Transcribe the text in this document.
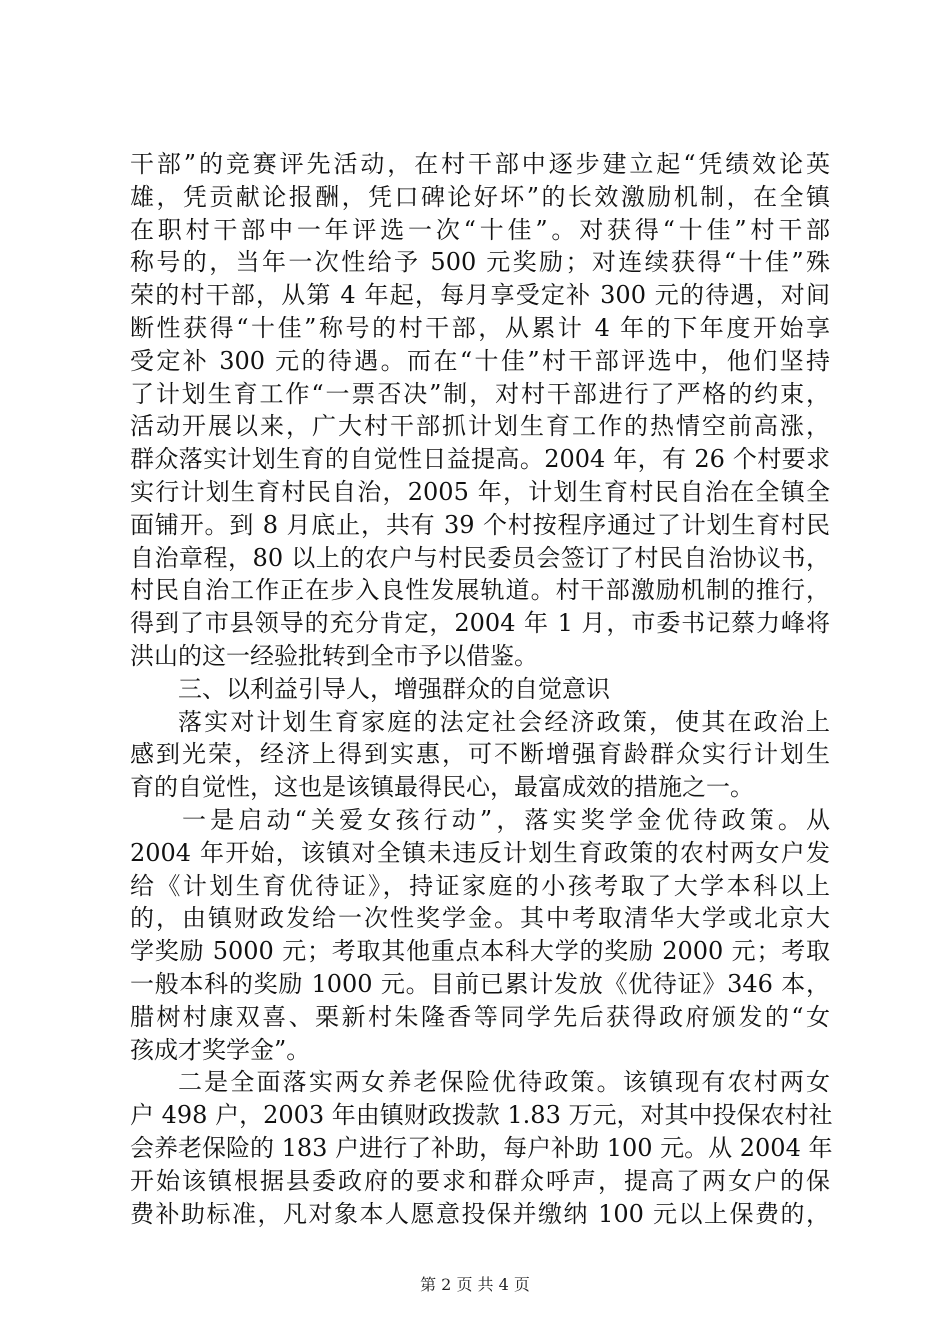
干部”的竞赛评先活动，在村干部中逐步建立起“凭绩效论英
雄，凭贡献论报酬，凭口碑论好坏”的长效激励机制，在全镇
在职村干部中一年评选一次“十佳”。对获得“十佳”村干部
称号的，当年一次性给予 500 元奖励；对连续获得“十佳”殊
荣的村干部，从第 4 年起，每月享受定补 300 元的待遇，对间
断性获得“十佳”称号的村干部，从累计 4 年的下年度开始享
受定补 300 元的待遇。而在“十佳”村干部评选中，他们坚持
了计划生育工作“一票否决”制，对村干部进行了严格的约束，
活动开展以来，广大村干部抓计划生育工作的热情空前高涨，
群众落实计划生育的自觉性日益提高。2004 年，有 26 个村要求
实行计划生育村民自治，2005 年，计划生育村民自治在全镇全
面铺开。到 8 月底止，共有 39 个村按程序通过了计划生育村民
自治章程，80 以上的农户与村民委员会签订了村民自治协议书，
村民自治工作正在步入良性发展轨道。村干部激励机制的推行，
得到了市县领导的充分肯定，2004 年 1 月，市委书记蔡力峰将
洪山的这一经验批转到全市予以借鉴。
三、以利益引导人，增强群众的自觉意识
落实对计划生育家庭的法定社会经济政策，使其在政治上
感到光荣，经济上得到实惠，可不断增强育龄群众实行计划生
育的自觉性，这也是该镇最得民心，最富成效的措施之一。
一是启动“关爱女孩行动”，落实奖学金优待政策。从
2004 年开始，该镇对全镇未违反计划生育政策的农村两女户发
给《计划生育优待证》，持证家庭的小孩考取了大学本科以上
的，由镇财政发给一次性奖学金。其中考取清华大学或北京大
学奖励 5000 元；考取其他重点本科大学的奖励 2000 元；考取
一般本科的奖励 1000 元。目前已累计发放《优待证》346 本，
腊树村康双喜、栗新村朱隆香等同学先后获得政府颁发的“女
孩成才奖学金”。
二是全面落实两女养老保险优待政策。该镇现有农村两女
户 498 户，2003 年由镇财政拨款 1.83 万元，对其中投保农村社
会养老保险的 183 户进行了补助，每户补助 100 元。从 2004 年
开始该镇根据县委政府的要求和群众呼声，提高了两女户的保
费补助标准，凡对象本人愿意投保并缴纳 100 元以上保费的，
第 2 页 共 4 页
